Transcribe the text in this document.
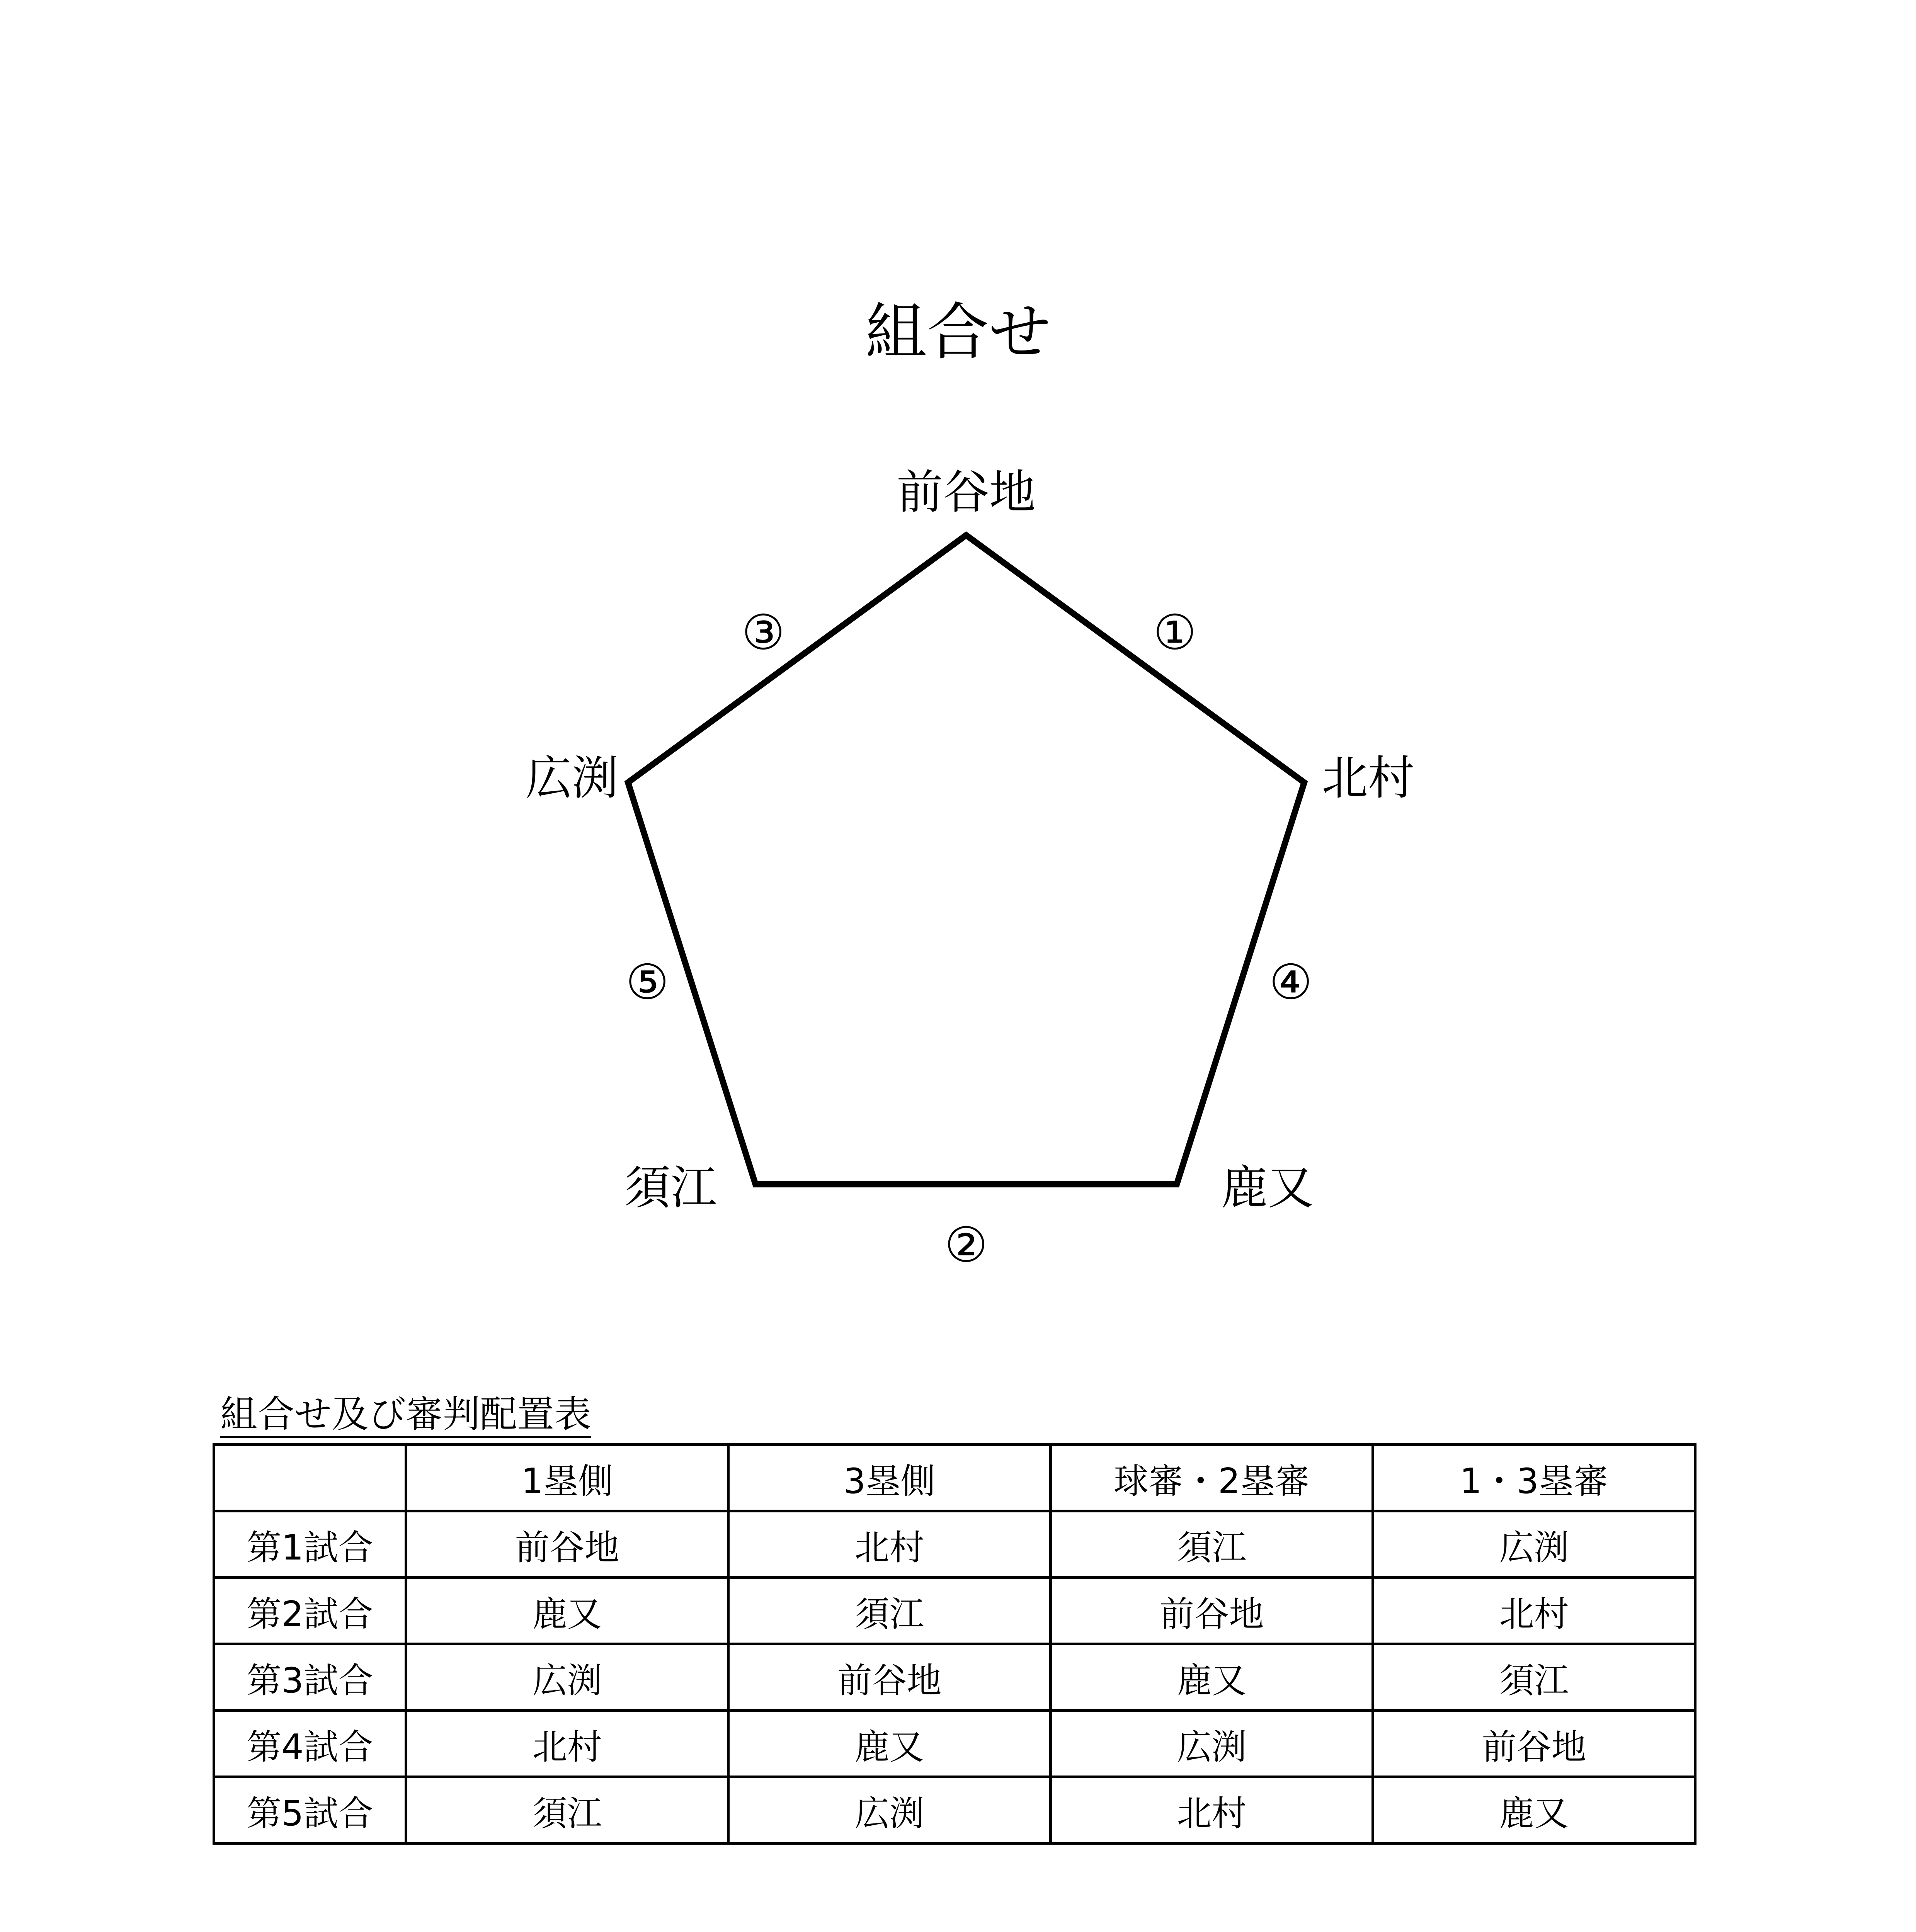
組合せ
前谷地
北村
鹿又
須江
広渕
①
②
③
④
⑤
組合せ及び審判配置表
	1塁側	3塁側	球審・2塁審	1・3塁審
第1試合	前谷地	北村	須江	広渕
第2試合	鹿又	須江	前谷地	北村
第3試合	広渕	前谷地	鹿又	須江
第4試合	北村	鹿又	広渕	前谷地
第5試合	須江	広渕	北村	鹿又
